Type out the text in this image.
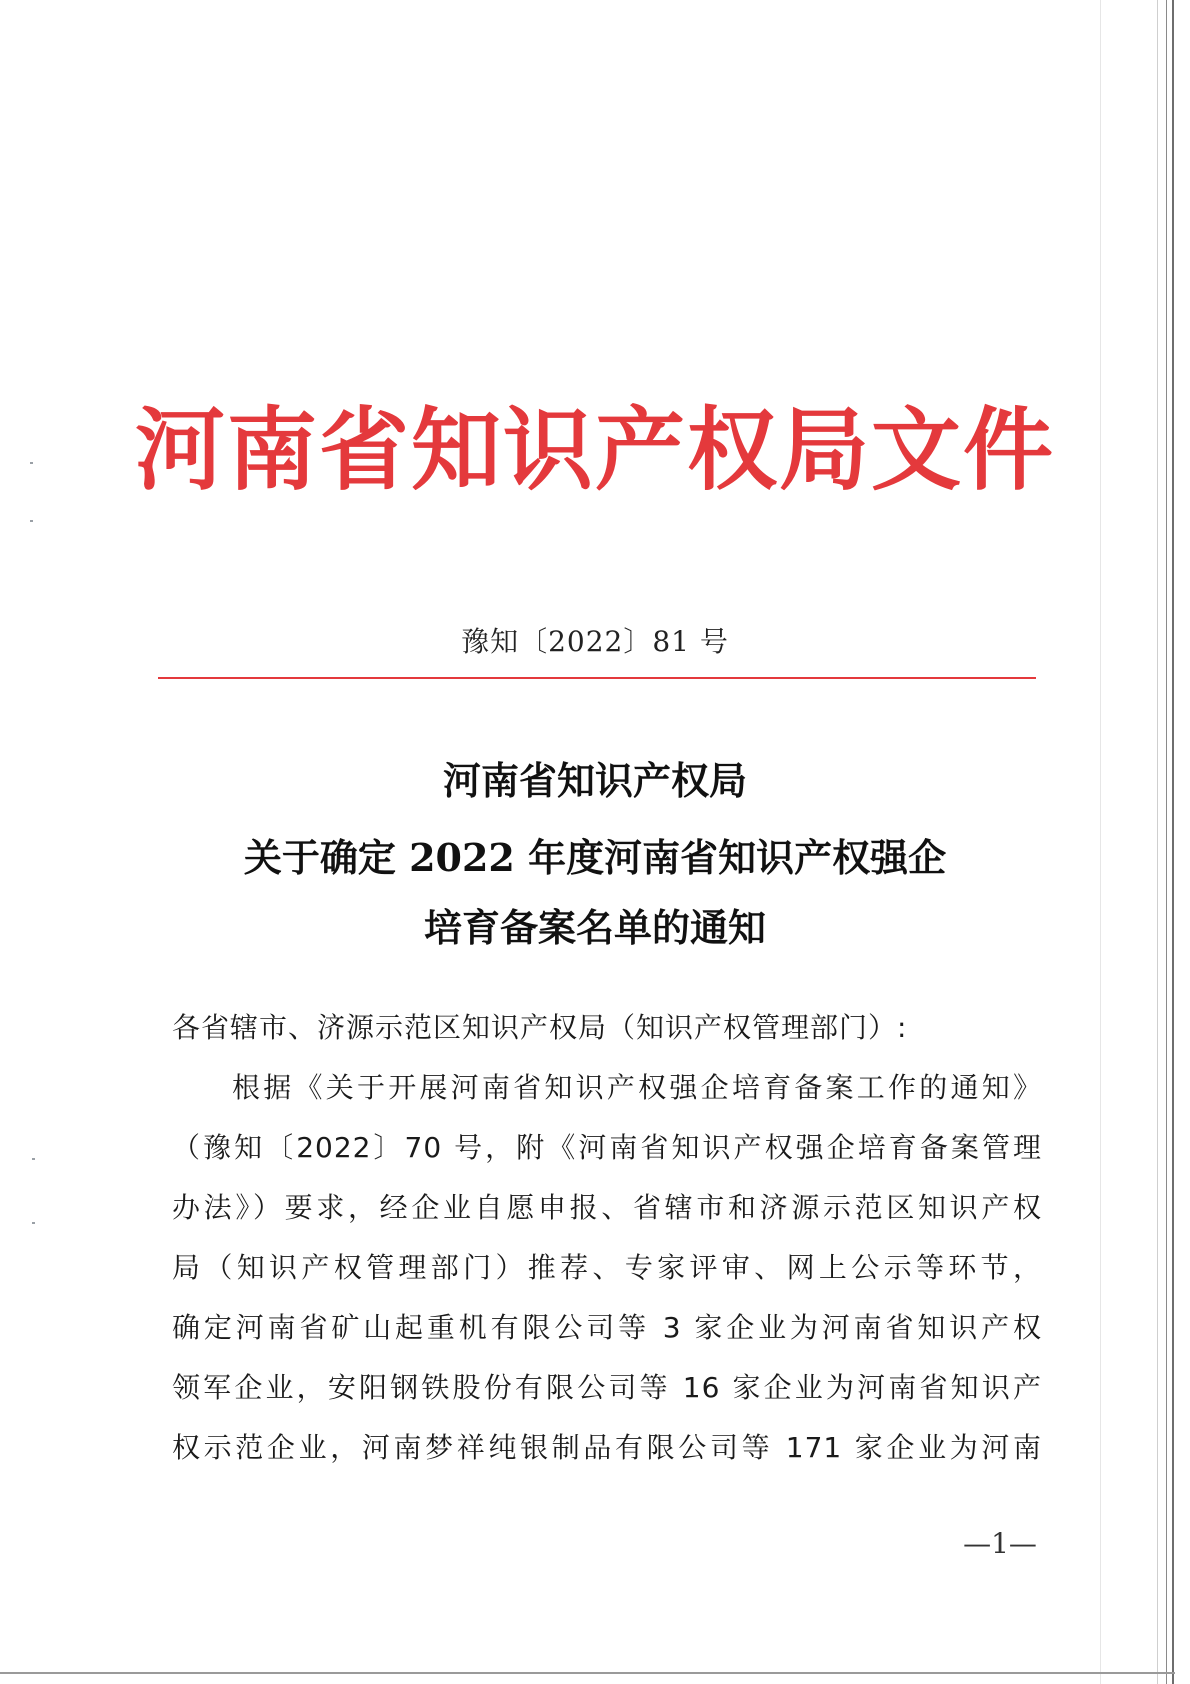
河南省知识产权局文件
豫知〔2022〕81 号
河南省知识产权局
关于确定 2022 年度河南省知识产权强企
培育备案名单的通知
各省辖市、济源示范区知识产权局（知识产权管理部门）:
根据《关于开展河南省知识产权强企培育备案工作的通知》
（豫知〔2022〕70 号，附《河南省知识产权强企培育备案管理
办法》）要求，经企业自愿申报、省辖市和济源示范区知识产权
局（知识产权管理部门）推荐、专家评审、网上公示等环节，
确定河南省矿山起重机有限公司等 3 家企业为河南省知识产权
领军企业，安阳钢铁股份有限公司等 16 家企业为河南省知识产
权示范企业，河南梦祥纯银制品有限公司等 171 家企业为河南
—1—
